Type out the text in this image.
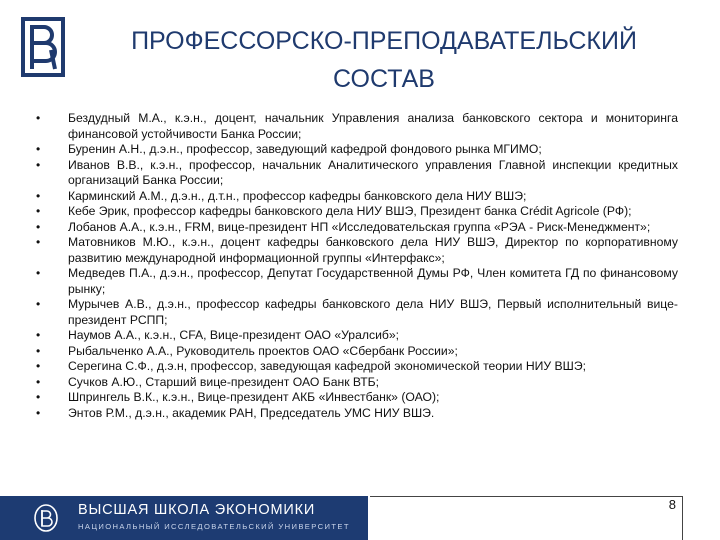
ПРОФЕССОРСКО-ПРЕПОДАВАТЕЛЬСКИЙ
СОСТАВ
•	Бездудный М.А., к.э.н., доцент, начальник Управления анализа банковского сектора и мониторинга финансовой устойчивости Банка России;
•	Буренин А.Н., д.э.н., профессор, заведующий кафедрой фондового рынка МГИМО;
•	Иванов В.В., к.э.н., профессор, начальник Аналитического управления Главной инспекции кредитных организаций Банка России;
•	Карминский А.М., д.э.н., д.т.н., профессор кафедры банковского дела НИУ ВШЭ;
•	Кебе Эрик, профессор кафедры банковского дела НИУ ВШЭ, Президент банка Crédit Agricole (РФ);
•	Лобанов А.А., к.э.н., FRM, вице-президент НП «Исследовательская группа «РЭА - Риск-Менеджмент»;
•	Матовников М.Ю., к.э.н., доцент кафедры банковского дела НИУ ВШЭ, Директор по корпоративному развитию международной информационной группы «Интерфакс»;
•	Медведев П.А., д.э.н., профессор, Депутат Государственной Думы РФ, Член комитета ГД по финансовому рынку;
•	Мурычев А.В., д.э.н., профессор кафедры банковского дела НИУ ВШЭ, Первый исполнительный вице-президент РСПП;
•	Наумов А.А., к.э.н., CFA, Вице-президент ОАО «Уралсиб»;
•	Рыбальченко А.А., Руководитель проектов ОАО «Сбербанк России»;
•	Серегина С.Ф., д.э.н, профессор, заведующая кафедрой экономической теории НИУ ВШЭ;
•	Сучков А.Ю., Старший вице-президент ОАО Банк ВТБ;
•	Шпрингель В.К., к.э.н., Вице-президент АКБ «Инвестбанк» (ОАО);
•	Энтов Р.М., д.э.н., академик РАН, Председатель УМС НИУ ВШЭ.
ВЫСШАЯ ШКОЛА ЭКОНОМИКИ
НАЦИОНАЛЬНЫЙ ИССЛЕДОВАТЕЛЬСКИЙ УНИВЕРСИТЕТ
8
